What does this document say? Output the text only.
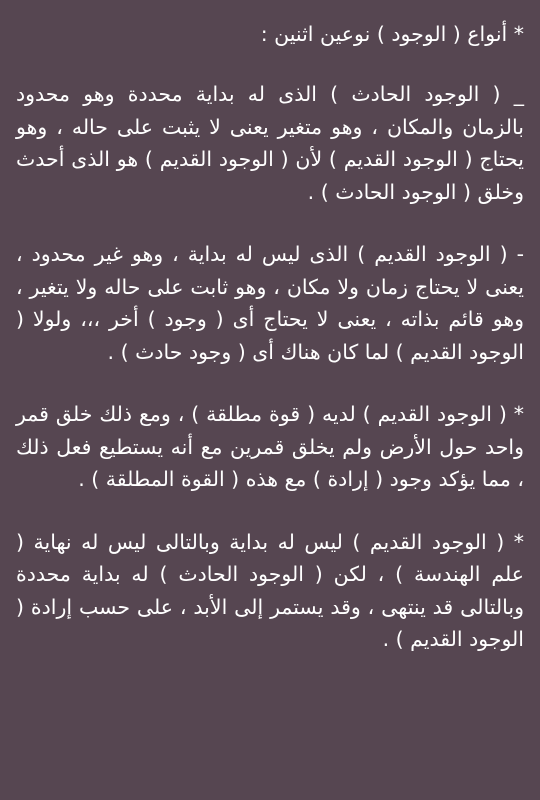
* أنواع ( الوجود ) نوعين اثنين :

_ ( الوجود الحادث ) الذى له بداية محددة وهو محدود بالزمان والمكان ، وهو متغير يعنى لا يثبت على حاله ، وهو يحتاج ( الوجود القديم ) لأن ( الوجود القديم ) هو الذى أحدث وخلق ( الوجود الحادث ) .

- ( الوجود القديم ) الذى ليس له بداية ، وهو غير محدود ، يعنى لا يحتاج زمان ولا مكان ، وهو ثابت على حاله ولا يتغير ، وهو قائم بذاته ، يعنى لا يحتاج أى ( وجود ) أخر ،،، ولولا ( الوجود القديم ) لما كان هناك أى ( وجود حادث ) .

* ( الوجود القديم ) لديه ( قوة مطلقة ) ، ومع ذلك خلق قمر واحد حول الأرض ولم يخلق قمرين مع أنه يستطيع فعل ذلك ، مما يؤكد وجود ( إرادة ) مع هذه ( القوة المطلقة ) .

* ( الوجود القديم ) ليس له بداية وبالتالى ليس له نهاية ( علم الهندسة ) ، لكن ( الوجود الحادث ) له بداية محددة وبالتالى قد ينتهى ، وقد يستمر إلى الأبد ، على حسب إرادة ( الوجود القديم ) .
